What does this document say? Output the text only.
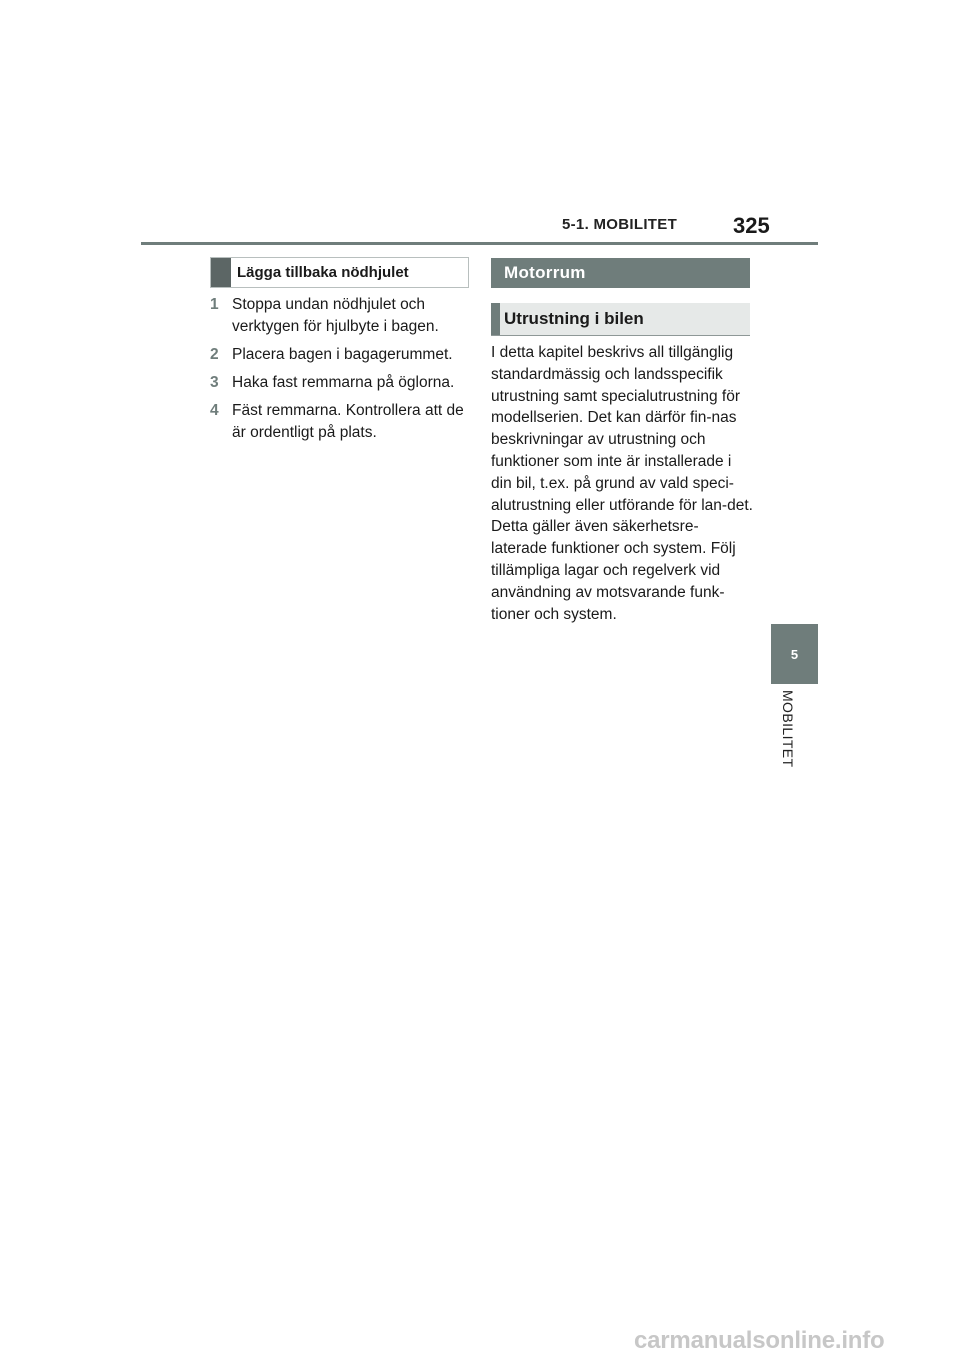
5-1. MOBILITET	325
5
MOBILITET
Lägga tillbaka nödhjulet
1 Stoppa undan nödhjulet och verktygen för hjulbyte i bagen.
2 Placera bagen i bagagerummet.
3 Haka fast remmarna på öglorna.
4 Fäst remmarna. Kontrollera att de är ordentligt på plats.
Motorrum
Utrustning i bilen

I detta kapitel beskrivs all tillgänglig standardmässig och landsspecifik utrustning samt specialutrustning för modellserien. Det kan därför fin-nas beskrivningar av utrustning och funktioner som inte är installerade i din bil, t.ex. på grund av vald speci-alutrustning eller utförande för lan-det. Detta gäller även säkerhetsre-laterade funktioner och system. Följ tillämpliga lagar och regelverk vid användning av motsvarande funk-tioner och system.

carmanualsonline.info
